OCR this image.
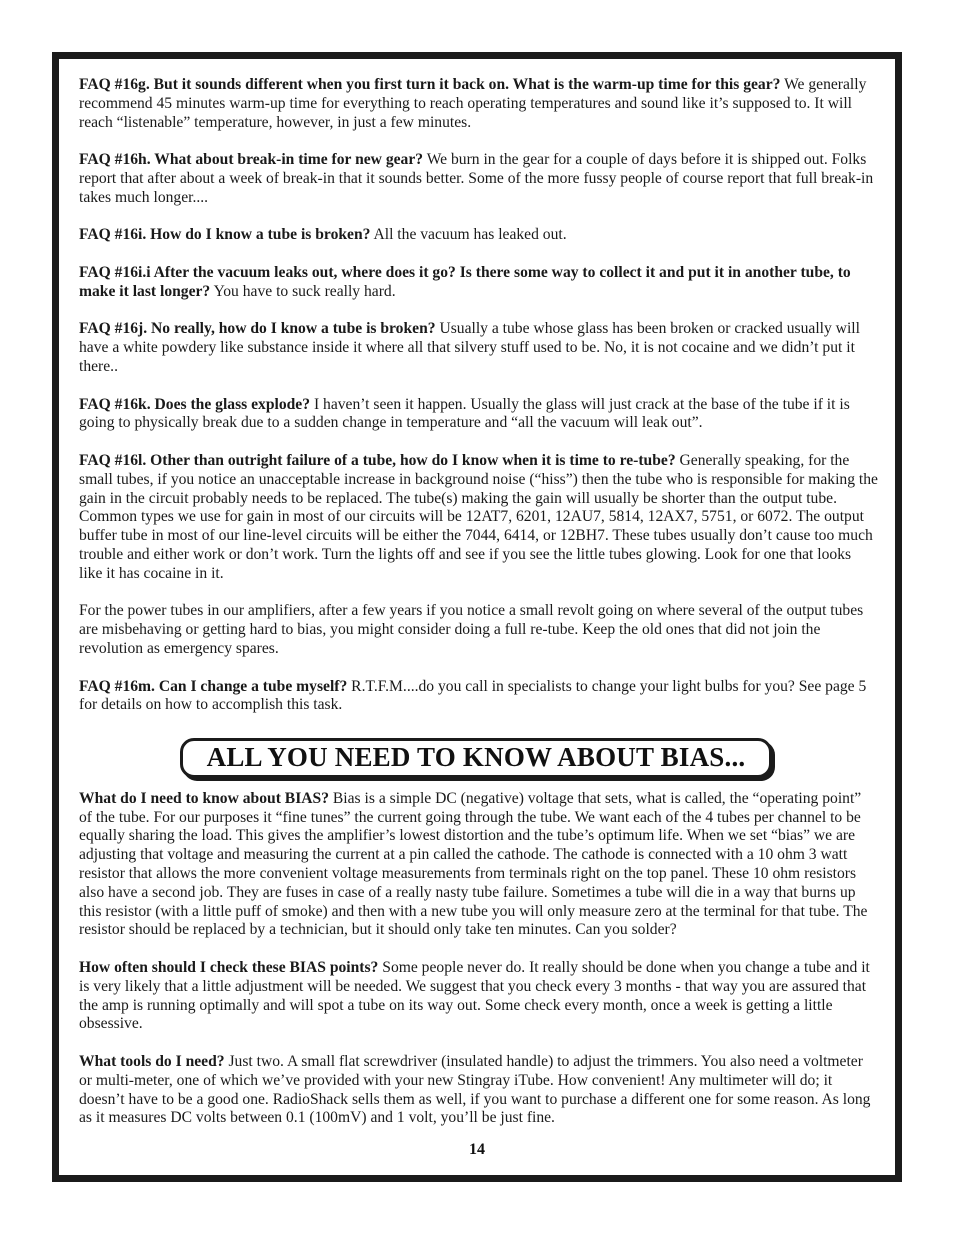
FAQ #16g. But it sounds different when you first turn it back on. What is the warm-up time for this gear? We generally recommend 45 minutes warm-up time for everything to reach operating temperatures and sound like it’s supposed to. It will reach “listenable” temperature, however, in just a few minutes.

FAQ #16h. What about break-in time for new gear? We burn in the gear for a couple of days before it is shipped out. Folks report that after about a week of break-in that it sounds better. Some of the more fussy people of course report that full break-in takes much longer....

FAQ #16i. How do I know a tube is broken? All the vacuum has leaked out.

FAQ #16i.i After the vacuum leaks out, where does it go? Is there some way to collect it and put it in another tube, to make it last longer? You have to suck really hard.

FAQ #16j. No really, how do I know a tube is broken? Usually a tube whose glass has been broken or cracked usually will have a white powdery like substance inside it where all that silvery stuff used to be. No, it is not cocaine and we didn’t put it there..

FAQ #16k. Does the glass explode? I haven’t seen it happen. Usually the glass will just crack at the base of the tube if it is going to physically break due to a sudden change in temperature and “all the vacuum will leak out”.

FAQ #16l. Other than outright failure of a tube, how do I know when it is time to re-tube? Generally speaking, for the small tubes, if you notice an unacceptable increase in background noise (“hiss”) then the tube who is responsible for making the gain in the circuit probably needs to be replaced. The tube(s) making the gain will usually be shorter than the output tube. Common types we use for gain in most of our circuits will be 12AT7, 6201, 12AU7, 5814, 12AX7, 5751, or 6072. The output buffer tube in most of our line-level circuits will be either the 7044, 6414, or 12BH7. These tubes usually don’t cause too much trouble and either work or don’t work. Turn the lights off and see if you see the little tubes glowing. Look for one that looks like it has cocaine in it.

For the power tubes in our amplifiers, after a few years if you notice a small revolt going on where several of the output tubes are misbehaving or getting hard to bias, you might consider doing a full re-tube. Keep the old ones that did not join the revolution as emergency spares.

FAQ #16m. Can I change a tube myself? R.T.F.M....do you call in specialists to change your light bulbs for you? See page 5 for details on how to accomplish this task.

ALL YOU NEED TO KNOW ABOUT BIAS...

What do I need to know about BIAS? Bias is a simple DC (negative) voltage that sets, what is called, the “operating point” of the tube. For our purposes it “fine tunes” the current going through the tube. We want each of the 4 tubes per channel to be equally sharing the load. This gives the amplifier’s lowest distortion and the tube’s optimum life. When we set “bias” we are adjusting that voltage and measuring the current at a pin called the cathode. The cathode is connected with a 10 ohm 3 watt resistor that allows the more convenient voltage measurements from terminals right on the top panel. These 10 ohm resistors also have a second job. They are fuses in case of a really nasty tube failure. Sometimes a tube will die in a way that burns up this resistor (with a little puff of smoke) and then with a new tube you will only measure zero at the terminal for that tube. The resistor should be replaced by a technician, but it should only take ten minutes. Can you solder?

How often should I check these BIAS points? Some people never do. It really should be done when you change a tube and it is very likely that a little adjustment will be needed. We suggest that you check every 3 months - that way you are assured that the amp is running optimally and will spot a tube on its way out. Some check every month, once a week is getting a little obsessive.

What tools do I need? Just two. A small flat screwdriver (insulated handle) to adjust the trimmers. You also need a voltmeter or multi-meter, one of which we’ve provided with your new Stingray iTube. How convenient! Any multimeter will do; it doesn’t have to be a good one. RadioShack sells them as well, if you want to purchase a different one for some reason. As long as it measures DC volts between 0.1 (100mV) and 1 volt, you’ll be just fine.

14
